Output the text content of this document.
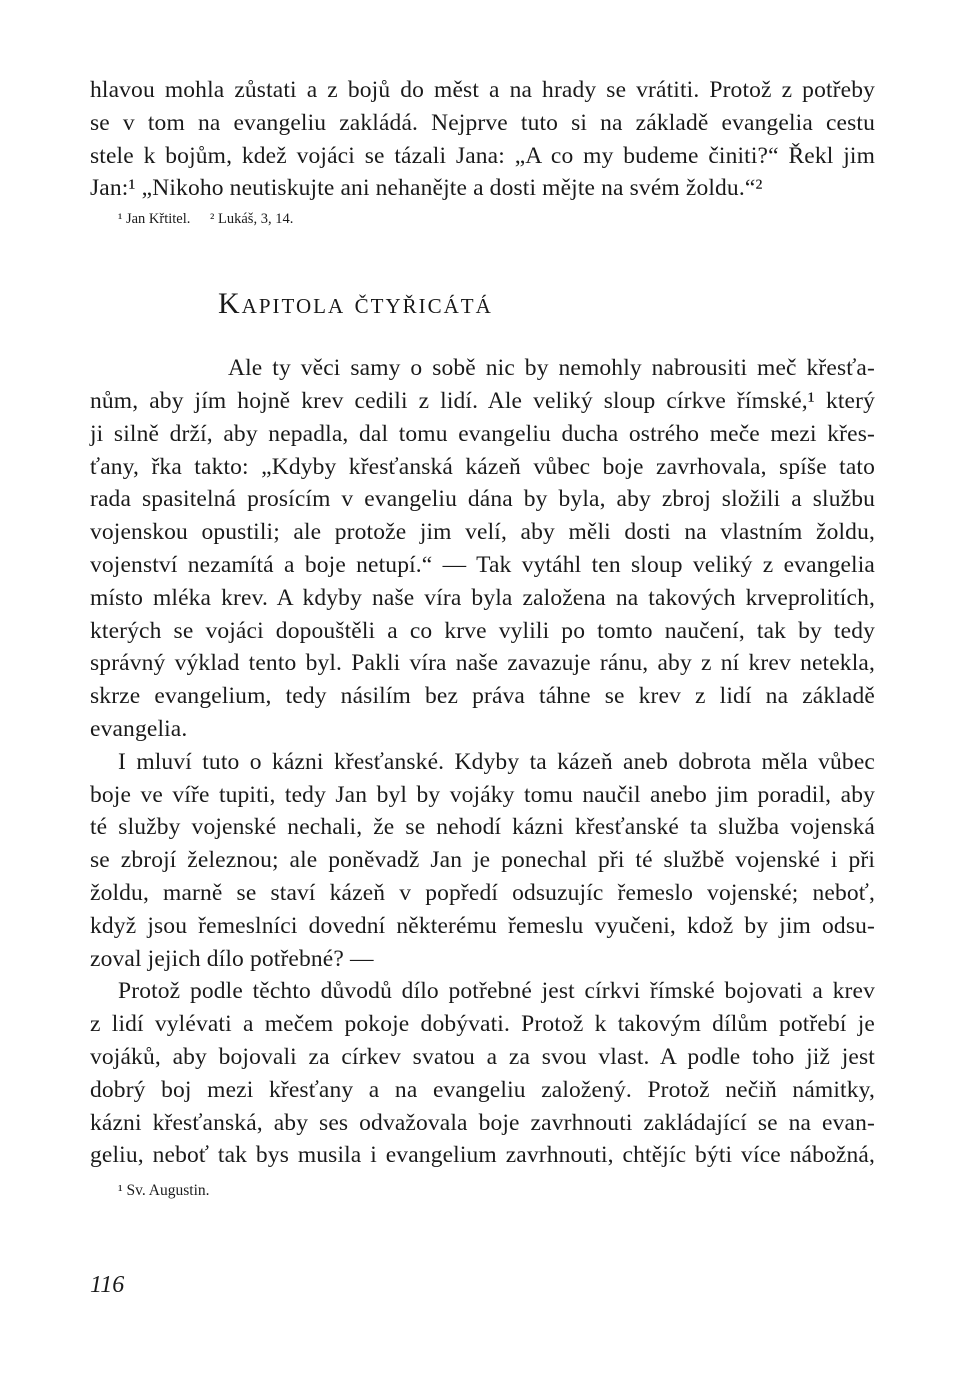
hlavou mohla zůstati a z bojů do měst a na hrady se vrátiti. Protož z potřeby
se v tom na evangeliu zakládá. Nejprve tuto si na základě evangelia cestu
stele k bojům, kdež vojáci se tázali Jana: „A co my budeme činiti?“ Řekl jim
Jan:¹ „Nikoho neutiskujte ani nehanějte a dosti mějte na svém žoldu.“²
¹ Jan Křtitel. ² Lukáš, 3, 14.
Kapitola čtyřicátá
Ale ty věci samy o sobě nic by nemohly nabrousiti meč křesťa-
nům, aby jím hojně krev cedili z lidí. Ale veliký sloup církve římské,¹ který
ji silně drží, aby nepadla, dal tomu evangeliu ducha ostrého meče mezi křes-
ťany, řka takto: „Kdyby křesťanská kázeň vůbec boje zavrhovala, spíše tato
rada spasitelná prosícím v evangeliu dána by byla, aby zbroj složili a službu
vojenskou opustili; ale protože jim velí, aby měli dosti na vlastním žoldu,
vojenství nezamítá a boje netupí.“ — Tak vytáhl ten sloup veliký z evangelia
místo mléka krev. A kdyby naše víra byla založena na takových krveprolitích,
kterých se vojáci dopouštěli a co krve vylili po tomto naučení, tak by tedy
správný výklad tento byl. Pakli víra naše zavazuje ránu, aby z ní krev netekla,
skrze evangelium, tedy násilím bez práva táhne se krev z lidí na základě
evangelia.
I mluví tuto o kázni křesťanské. Kdyby ta kázeň aneb dobrota měla vůbec
boje ve víře tupiti, tedy Jan byl by vojáky tomu naučil anebo jim poradil, aby
té služby vojenské nechali, že se nehodí kázni křesťanské ta služba vojenská
se zbrojí železnou; ale poněvadž Jan je ponechal při té službě vojenské i při
žoldu, marně se staví kázeň v popředí odsuzujíc řemeslo vojenské; neboť,
když jsou řemeslníci dovední některému řemeslu vyučeni, kdož by jim odsu-
zoval jejich dílo potřebné? —
Protož podle těchto důvodů dílo potřebné jest církvi římské bojovati a krev
z lidí vylévati a mečem pokoje dobývati. Protož k takovým dílům potřebí je
vojáků, aby bojovali za církev svatou a za svou vlast. A podle toho již jest
dobrý boj mezi křesťany a na evangeliu založený. Protož nečiň námitky,
kázni křesťanská, aby ses odvažovala boje zavrhnouti zakládající se na evan-
geliu, neboť tak bys musila i evangelium zavrhnouti, chtějíc býti více nábožná,
¹ Sv. Augustin.
116
